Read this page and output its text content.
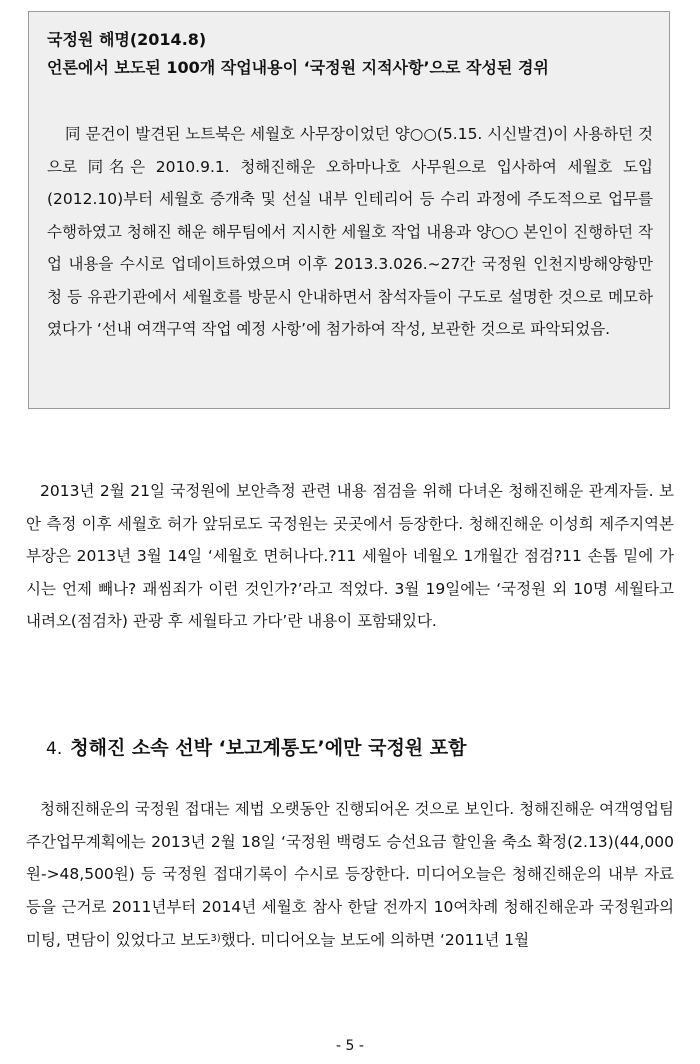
국정원 해명(2014.8)

언론에서 보도된 100개 작업내용이 ‘국정원 지적사항’으로 작성된 경위

同 문건이 발견된 노트북은 세월호 사무장이었던 양○○(5.15. 시신발견)이 사용하던 것으로 同名은 2010.9.1. 청해진해운 오하마나호 사무원으로 입사하여 세월호 도입(2012.10)부터 세월호 증개축 및 선실 내부 인테리어 등 수리 과정에 주도적으로 업무를 수행하였고 청해진 해운 해무팀에서 지시한 세월호 작업 내용과 양○○ 본인이 진행하던 작업 내용을 수시로 업데이트하였으며 이후 2013.3.026.~27간 국정원 인천지방해양항만청 등 유관기관에서 세월호를 방문시 안내하면서 참석자들이 구도로 설명한 것으로 메모하였다가 ‘선내 여객구역 작업 예정 사항’에 첨가하여 작성, 보관한 것으로 파악되었음.

2013년 2월 21일 국정원에 보안측정 관련 내용 점검을 위해 다녀온 청해진해운 관계자들. 보안 측정 이후 세월호 허가 앞뒤로도 국정원는 곳곳에서 등장한다. 청해진해운 이성희 제주지역본부장은 2013년 3월 14일 ‘세월호 면허나다.?11 세월아 네월오 1개월간 점검?11 손톱 밑에 가시는 언제 빼나? 괘씸죄가 이런 것인가?’라고 적었다. 3월 19일에는 ‘국정원 외 10명 세월타고 내려오(점검차) 관광 후 세월타고 가다’란 내용이 포함돼있다.

4. 청해진 소속 선박 ‘보고계통도’에만 국정원 포함

청해진해운의 국정원 접대는 제법 오랫동안 진행되어온 것으로 보인다. 청해진해운 여객영업팀 주간업무계획에는 2013년 2월 18일 ‘국정원 백령도 승선요금 할인율 축소 확정(2.13)(44,000원->48,500원) 등 국정원 접대기록이 수시로 등장한다. 미디어오늘은 청해진해운의 내부 자료 등을 근거로 2011년부터 2014년 세월호 참사 한달 전까지 10여차례 청해진해운과 국정원과의 미팅, 면담이 있었다고 보도$^{3)}$했다. 미디어오늘 보도에 의하면 ‘2011년 1월

- 5 -
